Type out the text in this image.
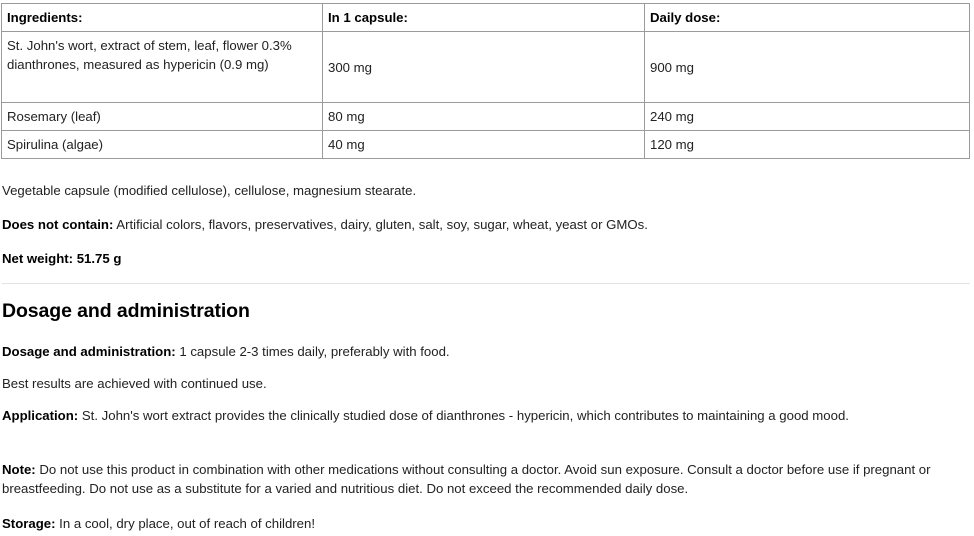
Ingredients:	In 1 capsule:	Daily dose:
St. John's wort, extract of stem, leaf, flower 0.3% dianthrones, measured as hypericin (0.9 mg)	300 mg	900 mg
Rosemary (leaf)	80 mg	240 mg
Spirulina (algae)	40 mg	120 mg

Vegetable capsule (modified cellulose), cellulose, magnesium stearate.

Does not contain: Artificial colors, flavors, preservatives, dairy, gluten, salt, soy, sugar, wheat, yeast or GMOs.

Net weight: 51.75 g

Dosage and administration

Dosage and administration: 1 capsule 2-3 times daily, preferably with food.

Best results are achieved with continued use.

Application: St. John's wort extract provides the clinically studied dose of dianthrones - hypericin, which contributes to maintaining a good mood.

Note: Do not use this product in combination with other medications without consulting a doctor. Avoid sun exposure. Consult a doctor before use if pregnant or breastfeeding. Do not use as a substitute for a varied and nutritious diet. Do not exceed the recommended daily dose.

Storage: In a cool, dry place, out of reach of children!
